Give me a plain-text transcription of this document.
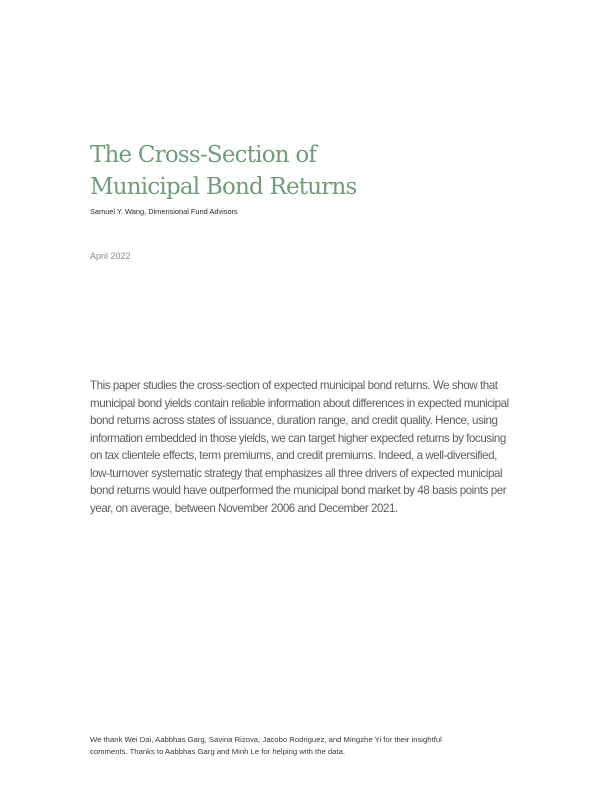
The Cross-Section of
Municipal Bond Returns

Samuel Y. Wang, Dimensional Fund Advisors

April 2022

This paper studies the cross-section of expected municipal bond returns. We show that
municipal bond yields contain reliable information about differences in expected municipal
bond returns across states of issuance, duration range, and credit quality. Hence, using
information embedded in those yields, we can target higher expected returns by focusing
on tax clientele effects, term premiums, and credit premiums. Indeed, a well-diversified,
low-turnover systematic strategy that emphasizes all three drivers of expected municipal
bond returns would have outperformed the municipal bond market by 48 basis points per
year, on average, between November 2006 and December 2021.

We thank Wei Dai, Aabbhas Garg, Savina Rizova, Jacobo Rodriguez, and Mingzhe Yi for their insightful
comments. Thanks to Aabbhas Garg and Minh Le for helping with the data.
